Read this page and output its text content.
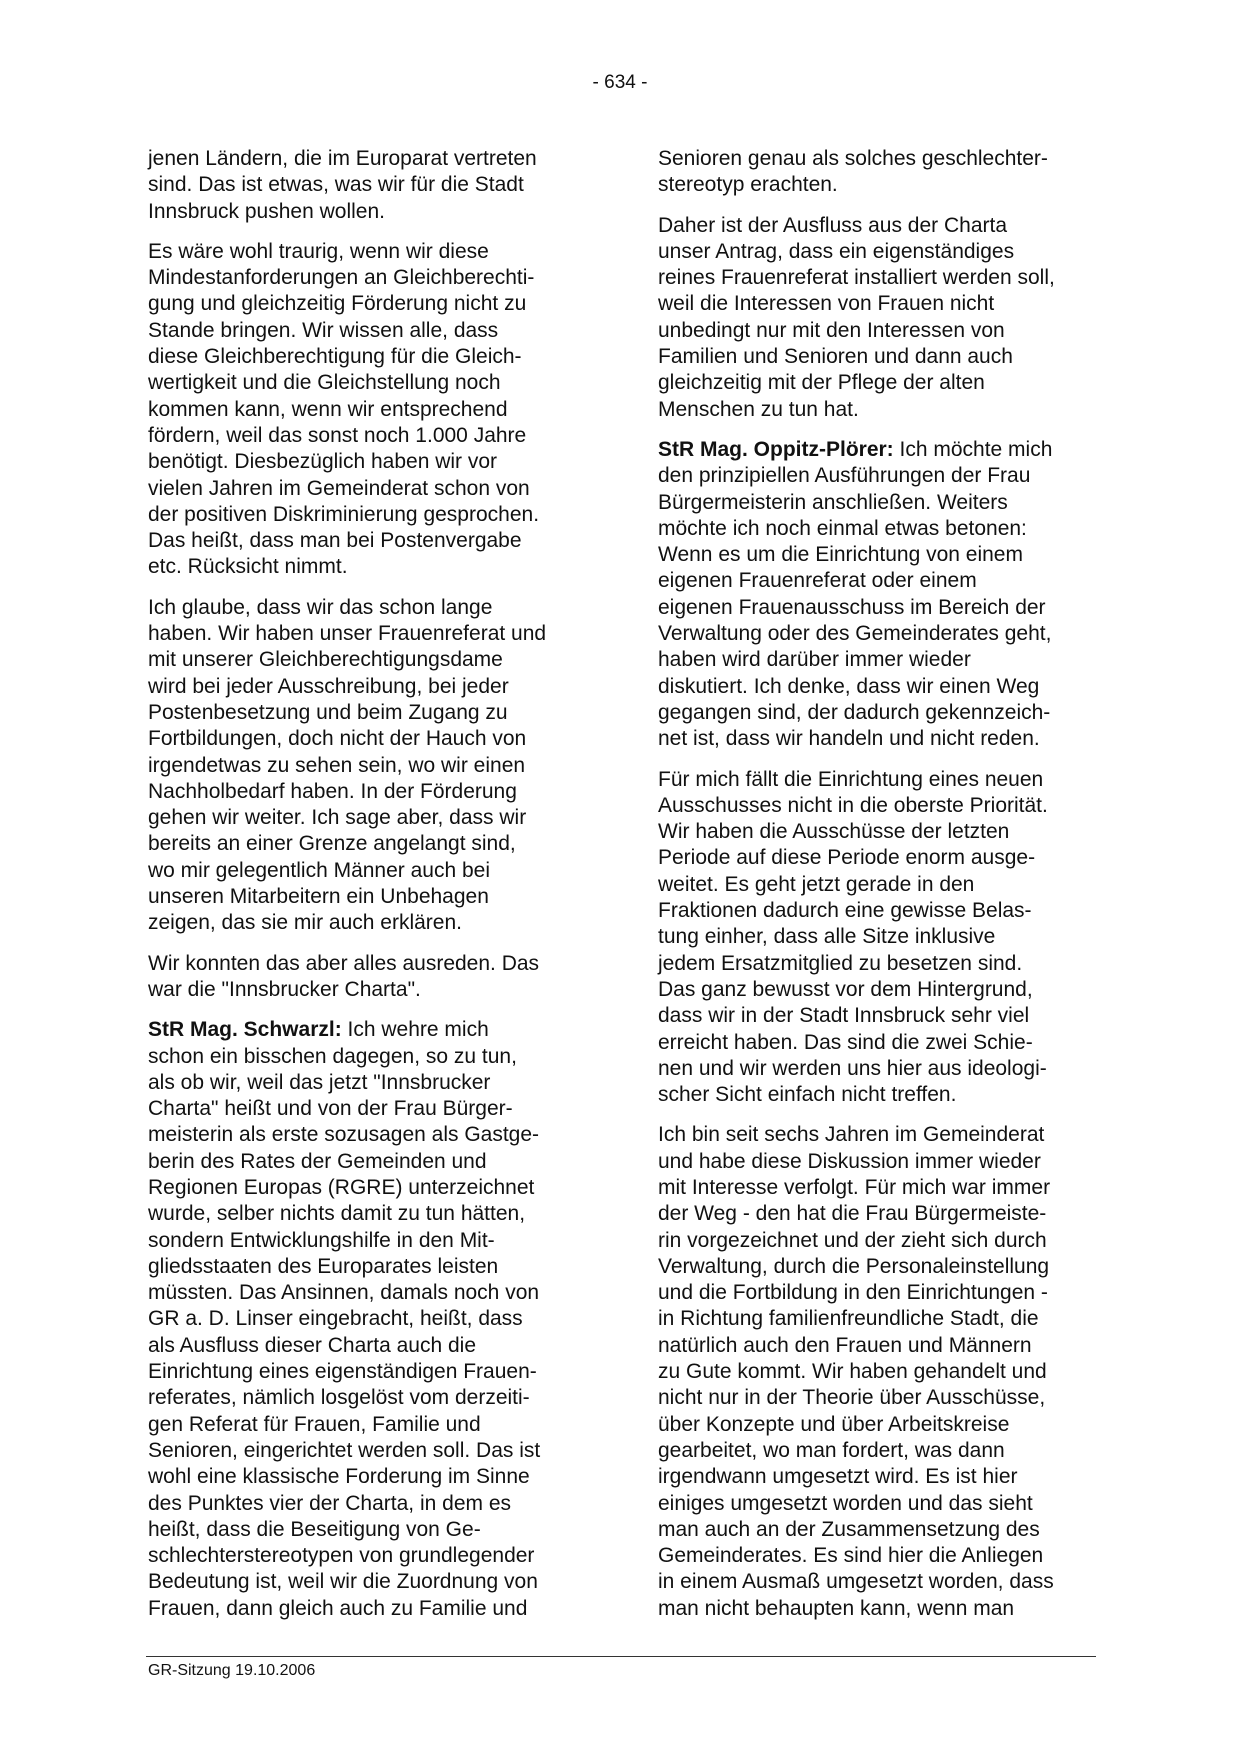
- 634 -
jenen Ländern, die im Europarat vertreten
sind. Das ist etwas, was wir für die Stadt
Innsbruck pushen wollen.
Es wäre wohl traurig, wenn wir diese
Mindestanforderungen an Gleichberechti-
gung und gleichzeitig Förderung nicht zu
Stande bringen. Wir wissen alle, dass
diese Gleichberechtigung für die Gleich-
wertigkeit und die Gleichstellung noch
kommen kann, wenn wir entsprechend
fördern, weil das sonst noch 1.000 Jahre
benötigt. Diesbezüglich haben wir vor
vielen Jahren im Gemeinderat schon von
der positiven Diskriminierung gesprochen.
Das heißt, dass man bei Postenvergabe
etc. Rücksicht nimmt.
Ich glaube, dass wir das schon lange
haben. Wir haben unser Frauenreferat und
mit unserer Gleichberechtigungsdame
wird bei jeder Ausschreibung, bei jeder
Postenbesetzung und beim Zugang zu
Fortbildungen, doch nicht der Hauch von
irgendetwas zu sehen sein, wo wir einen
Nachholbedarf haben. In der Förderung
gehen wir weiter. Ich sage aber, dass wir
bereits an einer Grenze angelangt sind,
wo mir gelegentlich Männer auch bei
unseren Mitarbeitern ein Unbehagen
zeigen, das sie mir auch erklären.
Wir konnten das aber alles ausreden. Das
war die "Innsbrucker Charta".
StR Mag. Schwarzl: Ich wehre mich
schon ein bisschen dagegen, so zu tun,
als ob wir, weil das jetzt "Innsbrucker
Charta" heißt und von der Frau Bürger-
meisterin als erste sozusagen als Gastge-
berin des Rates der Gemeinden und
Regionen Europas (RGRE) unterzeichnet
wurde, selber nichts damit zu tun hätten,
sondern Entwicklungshilfe in den Mit-
gliedsstaaten des Europarates leisten
müssten. Das Ansinnen, damals noch von
GR a. D. Linser eingebracht, heißt, dass
als Ausfluss dieser Charta auch die
Einrichtung eines eigenständigen Frauen-
referates, nämlich losgelöst vom derzeiti-
gen Referat für Frauen, Familie und
Senioren, eingerichtet werden soll. Das ist
wohl eine klassische Forderung im Sinne
des Punktes vier der Charta, in dem es
heißt, dass die Beseitigung von Ge-
schlechterstereotypen von grundlegender
Bedeutung ist, weil wir die Zuordnung von
Frauen, dann gleich auch zu Familie und
Senioren genau als solches geschlechter-
stereotyp erachten.
Daher ist der Ausfluss aus der Charta
unser Antrag, dass ein eigenständiges
reines Frauenreferat installiert werden soll,
weil die Interessen von Frauen nicht
unbedingt nur mit den Interessen von
Familien und Senioren und dann auch
gleichzeitig mit der Pflege der alten
Menschen zu tun hat.
StR Mag. Oppitz-Plörer: Ich möchte mich
den prinzipiellen Ausführungen der Frau
Bürgermeisterin anschließen. Weiters
möchte ich noch einmal etwas betonen:
Wenn es um die Einrichtung von einem
eigenen Frauenreferat oder einem
eigenen Frauenausschuss im Bereich der
Verwaltung oder des Gemeinderates geht,
haben wird darüber immer wieder
diskutiert. Ich denke, dass wir einen Weg
gegangen sind, der dadurch gekennzeich-
net ist, dass wir handeln und nicht reden.
Für mich fällt die Einrichtung eines neuen
Ausschusses nicht in die oberste Priorität.
Wir haben die Ausschüsse der letzten
Periode auf diese Periode enorm ausge-
weitet. Es geht jetzt gerade in den
Fraktionen dadurch eine gewisse Belas-
tung einher, dass alle Sitze inklusive
jedem Ersatzmitglied zu besetzen sind.
Das ganz bewusst vor dem Hintergrund,
dass wir in der Stadt Innsbruck sehr viel
erreicht haben. Das sind die zwei Schie-
nen und wir werden uns hier aus ideologi-
scher Sicht einfach nicht treffen.
Ich bin seit sechs Jahren im Gemeinderat
und habe diese Diskussion immer wieder
mit Interesse verfolgt. Für mich war immer
der Weg - den hat die Frau Bürgermeiste-
rin vorgezeichnet und der zieht sich durch
Verwaltung, durch die Personaleinstellung
und die Fortbildung in den Einrichtungen -
in Richtung familienfreundliche Stadt, die
natürlich auch den Frauen und Männern
zu Gute kommt. Wir haben gehandelt und
nicht nur in der Theorie über Ausschüsse,
über Konzepte und über Arbeitskreise
gearbeitet, wo man fordert, was dann
irgendwann umgesetzt wird. Es ist hier
einiges umgesetzt worden und das sieht
man auch an der Zusammensetzung des
Gemeinderates. Es sind hier die Anliegen
in einem Ausmaß umgesetzt worden, dass
man nicht behaupten kann, wenn man
GR-Sitzung 19.10.2006
